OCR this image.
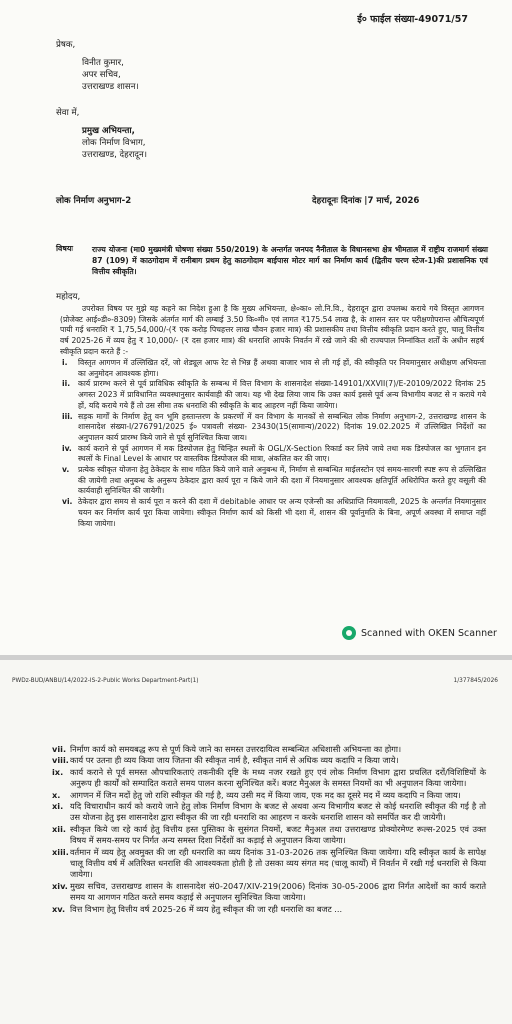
ई० फाईल संख्या-49071/57
प्रेषक,
विनीत कुमार,
अपर सचिव,
उत्तराखण्ड शासन।
सेवा में,
प्रमुख अभियन्ता,
लोक निर्माण विभाग,
उत्तराखण्ड, देहरादून।
लोक निर्माण अनुभाग-2	देहरादूनः दिनांक |7 मार्च, 2026
विषयः	राज्य योजना (मा0 मुख्यमंत्री घोषणा संख्या 550/2019) के अन्तर्गत जनपद नैनीताल के विधानसभा क्षेत्र भीमताल में राष्ट्रीय राजमार्ग संख्या 87 (109) में काठगोदाम में रानीबाग प्रथम हेतु काठगोदाम बाईपास मोटर मार्ग का निर्माण कार्य (द्वितीय चरण स्टेज-1)की प्रशासनिक एवं वित्तीय स्वीकृति।
महोदय,
उपरोक्त विषय पर मुझे यह कहने का निदेश हुआ है कि मुख्य अभियन्ता, क्षे०का० लो.नि.वि., देहरादून द्वारा उपलब्ध कराये गये विस्तृत आगणन (प्रोजेक्ट आई०डी०-8309) जिसके अंतर्गत मार्ग की लम्बाई 3.50 कि०मी० एवं लागत ₹175.54 लाख है, के शासन स्तर पर परीक्षणोपरान्त औचित्यपूर्ण पायी गई धनराशि ₹ 1,75,54,000/-(₹ एक करोड़ पिचहत्तर लाख चौवन हजार मात्र) की प्रशासकीय तथा वित्तीय स्वीकृति प्रदान करते हुए, चालू वित्तीय वर्ष 2025-26 में व्यय हेतु ₹ 10,000/- (₹ दस हजार मात्र) की धनराशि आपके निवर्तन में रखे जाने की श्री राज्यपाल निम्नांकित शर्तों के अधीन सहर्ष स्वीकृति प्रदान करते हैं :-
i. विस्तृत आगणन में उल्लिखित दरें, जो शेड्यूल आफ रेट से भिन्न हैं अथवा बाजार भाव से ली गई हों, की स्वीकृति पर नियमानुसार अधीक्षण अभियन्ता का अनुमोदन आवश्यक होगा।
ii. कार्य प्रारम्भ करने से पूर्व प्राविधिक स्वीकृति के सम्बन्ध में वित्त विभाग के शासनादेश संख्या-149101/XXVII(7)/E-20109/2022 दिनांक 25 अगस्त 2023 में प्राविधानित व्यवस्थानुसार कार्यवाही की जाय। यह भी देख लिया जाय कि उक्त कार्य इससे पूर्व अन्य विभागीय बजट से न कराये गये हों, यदि कराये गये हैं तो उस सीमा तक धनराशि की स्वीकृति के बाद आहरण नहीं किया जायेगा।
iii. सड़क मार्गों के निर्माण हेतु वन भूमि हस्तान्तरण के प्रकरणों में वन विभाग के मानकों से सम्बन्धित लोक निर्माण अनुभाग-2, उत्तराखण्ड शासन के शासनादेश संख्या-I/276791/2025 ई० पत्रावली संख्या- 23430(15(सामान्य)/2022) दिनांक 19.02.2025 में उल्लिखित निर्देशों का अनुपालन कार्य प्रारम्भ किये जाने से पूर्व सुनिश्चित किया जाय।
iv. कार्य कराने से पूर्व आगणन में मक डिस्पोजल हेतु चिन्हित स्थलों के OGL/X-Section रिकार्ड कर लिये जाये तथा मक डिस्पोजल का भुगतान इन स्थलों के Final Level के आधार पर वास्तविक डिस्पोजल की मात्रा, अंकलित कर की जाए।
v. प्रत्येक स्वीकृत योजना हेतु ठेकेदार के साथ गठित किये जाने वाले अनुबन्ध में, निर्माण से सम्बन्धित माईलस्टोन एवं समय-सारणी स्पष्ट रूप से उल्लिखित की जायेगी तथा अनुबन्ध के अनुरूप ठेकेदार द्वारा कार्य पूरा न किये जाने की दशा में नियमानुसार आवश्यक क्षतिपूर्ति अधिरोपित करते हुए वसूली की कार्यवाही सुनिश्चित की जायेगी।
vi. ठेकेदार द्वारा समय से कार्य पूरा न करने की दशा में debitable आधार पर अन्य एजेन्सी का अधिप्राप्ति नियमावली, 2025 के अन्तर्गत नियमानुसार चयन कर निर्माण कार्य पूरा किया जायेगा। स्वीकृत निर्माण कार्य को किसी भी दशा में, शासन की पूर्वानुमति के बिना, अपूर्ण अवस्था में समाप्त नहीं किया जायेगा।
Scanned with OKEN Scanner
PWDz-BUD/ANBU/14/2022-IS-2-Public Works Department-Part(1)	1/377845/2026
vii. निर्माण कार्य को समयबद्ध रूप से पूर्ण किये जाने का समस्त उत्तरदायित्व सम्बन्धित अधिशासी अभियन्ता का होगा।
viii. कार्य पर उतना ही व्यय किया जाय जितना की स्वीकृत नार्म है, स्वीकृत नार्म से अधिक व्यय कदापि न किया जाये।
ix. कार्य कराने से पूर्व समस्त औपचारिकताएं तकनीकी दृष्टि के मध्य नजर रखते हुए एवं लोक निर्माण विभाग द्वारा प्रचलित दरों/विशिष्टियों के अनुरूप ही कार्यों को सम्पादित कराते समय पालन करना सुनिश्चित करें। बजट मैनुअल के समस्त नियमों का भी अनुपालन किया जायेगा।
x. आगणन में जिन मदों हेतु जो राशि स्वीकृत की गई है, व्यय उसी मद में किया जाय, एक मद का दूसरे मद में व्यय कदापि न किया जाय।
xi. यदि विचाराधीन कार्य को कराये जाने हेतु लोक निर्माण विभाग के बजट से अथवा अन्य विभागीय बजट से कोई धनराशि स्वीकृत की गई है तो उस योजना हेतु इस शासनादेश द्वारा स्वीकृत की जा रही धनराशि का आहरण न करके धनराशि शासन को समर्पित कर दी जायेगी।
xii. स्वीकृत किये जा रहे कार्य हेतु वित्तीय हस्त पुस्तिका के सुसंगत नियमों, बजट मैनुअल तथा उत्तराखण्ड प्रोक्योरमेण्ट रूल्स-2025 एवं उक्त विषय में समय-समय पर निर्गत अन्य समस्त दिशा निर्देशों का कड़ाई से अनुपालन किया जायेगा।
xiii. वर्तमान में व्यय हेतु अवमुक्त की जा रही धनराशि का व्यय दिनांक 31-03-2026 तक सुनिश्चित किया जायेगा। यदि स्वीकृत कार्य के सापेक्ष चालू वित्तीय वर्ष में अतिरिक्त धनराशि की आवश्यकता होती है तो उसका व्यय संगत मद (चालू कार्यों) में निवर्तन में रखी गई धनराशि से किया जायेगा।
xiv. मुख्य सचिव, उत्तराखण्ड शासन के शासनादेश सं0-2047/XIV-219(2006) दिनांक 30-05-2006 द्वारा निर्गत आदेशों का कार्य कराते समय या आगणन गठित करते समय कड़ाई से अनुपालन सुनिश्चित किया जायेगा।
xv. वित्त विभाग हेतु वित्तीय वर्ष 2025-26 में व्यय हेतु स्वीकृत की जा रही धनराशि का बजट ...
